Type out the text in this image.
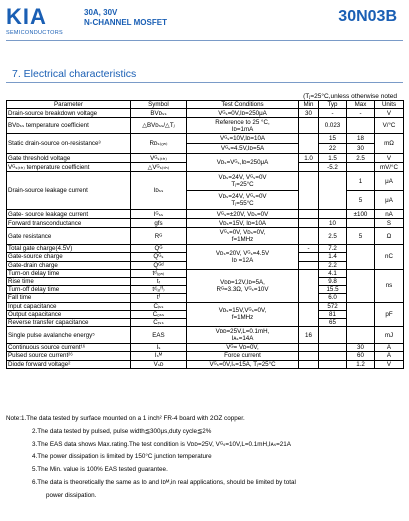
KIA
SEMICONDUCTORS
30A, 30V
N-CHANNEL MOSFET	30N03B
7. Electrical characteristics
(Tⱼ=25°C,unless otherwise noted
Parameter	Symbol	Test Conditions	Min	Typ	Max	Units
Drain-source breakdown voltage	BVᴅₛₛ	Vᴳₛ=0V,Iᴅ=250μA	30	-	-	V
BVᴅₛₛ temperature coefficient	△BVᴅₛₛ/△Tⱼ	Reference to 25 °C,
Iᴅ=1mA		0.023		V/°C
Static drain-source on-resistance³	Rᴅₛ₍ₒₙ₎	Vᴳₛ=10V,Iᴅ=10A		15	18	mΩ
		Vᴳₛ=4.5V,Iᴅ=5A		22	30	
Gate threshold voltage	Vᴳₛ₍ₜₕ₎	Vᴅₛ=Vᴳₛ,Iᴅ=250μA	1.0	1.5	2.5	V
Vᴳₛ₍ₜₕ₎ temperature coefficient	△Vᴳₛ₍ₜₕ₎			-5.2		mV/°C
Drain-source leakage current	Iᴅₛₛ	Vᴅₛ=24V, Vᴳₛ=0V
Tⱼ=25°C			1	μA

		Vᴅₛ=24V, Vᴳₛ=0V
Tⱼ=55°C			5	μA
Gate- source leakage current	Iᴳₛₛ	Vᴳₛ=±20V, Vᴅₛ=0V			±100	nA
Forward transconductance	gfs	Vᴅₛ=15V, Iᴅ=10A		10		S
Gate resistance	Rᴳ	Vᴳₛ=0V, Vᴅₛ=0V,
f=1MHz		2.5	5	Ω
Total gate charge(4.5V)	Qᴳ	Vᴅₛ=20V, Vᴳₛ=4.5V
Iᴅ =12A	-	7.2		nC
Gate-source charge	Qᴳₛ			1.4		
Gate-drain charge	Qᴳᵈ			2.2		
Turn-on delay time	tᵈ₍ₒₙ₎	Vᴅᴅ=12V,Iᴅ=5A,
Rᴳ=3.3Ω, Vᴳₛ=10V		4.1		ns
Rise time	tᵣ			9.8		
Turn-off delay time	tᵈ₍ₒᶠᶠ₎			15.5		
Fall time	tᶠ			6.0		
Input capacitance	Cᵢₛₛ	Vᴅₛ=15V,Vᴳₛ=0V,
f=1MHz		572		pF
Output capacitance	Cₒₛₛ			81		
Reverse transfer capacitance	Cᵣₛₛ			65		
Single pulse avalanche energy⁵	EAS	Vᴅᴅ=25V,L=0.1mH,
Iᴀₛ=14A	16			mJ
Continuous source current¹⁶	Iₛ	Vᴳ= Vᴅ=0V,			30	A
Pulsed source current²⁶	Iₛᴹ	Force current			60	A
Diode forward voltage²	Vₛᴅ	Vᴳₛ=0V,Iₛ=15A, Tⱼ=25°C			1.2	V
Note:1.The data tested by surface mounted on a 1 inch² FR-4 board with 2OZ copper.
2.The data tested by pulsed, pulse width≦300μs,duty cycle≦2%
3.The EAS data shows Max.rating.The test condition is Vᴅᴅ=25V, Vᴳₛ=10V,L=0.1mH,Iᴀₛ=21A
4.The power dissipation is limited by 150°C junction temperature
5.The Min. value is 100% EAS tested guarantee.
6.The data is theoretically the same as Iᴅ and Iᴅᴹ,in real applications, should be limited by total
power dissipation.
